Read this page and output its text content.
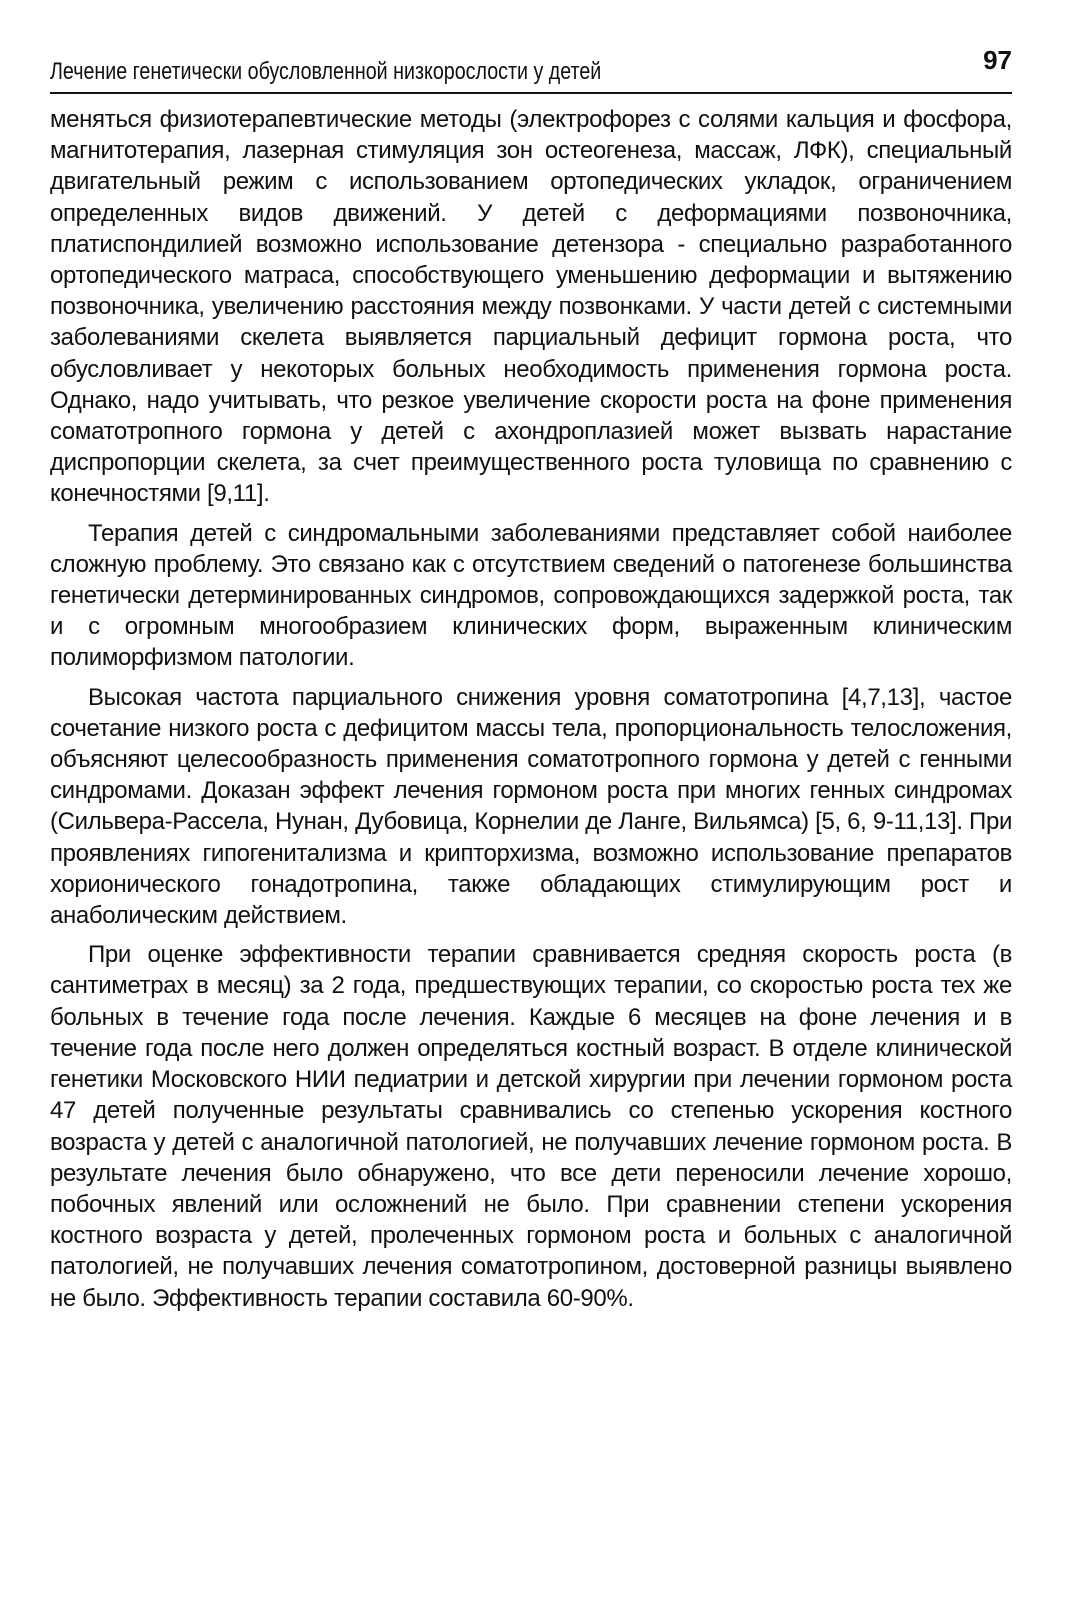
Лечение генетически обусловленной низкорослости у детей	97

меняться физиотерапевтические методы (электрофорез с солями кальция и фосфора, магнитотерапия, лазерная стимуляция зон остеогенеза, массаж, ЛФК), специальный двигательный режим с использованием ортопедических укладок, ограничением определенных видов движений. У детей с деформациями позвоночника, платиспондилией возможно использование детензора - специально разработанного ортопедического матраса, способствующего уменьшению деформации и вытяжению позвоночника, увеличению расстояния между позвонками. У части детей с системными заболеваниями скелета выявляется парциальный дефицит гормона роста, что обусловливает у некоторых больных необходимость применения гормона роста. Однако, надо учитывать, что резкое увеличение скорости роста на фоне применения соматотропного гормона у детей с ахондроплазией может вызвать нарастание диспропорции скелета, за счет преимущественного роста туловища по сравнению с конечностями [9,11].

Терапия детей с синдромальными заболеваниями представляет собой наиболее сложную проблему. Это связано как с отсутствием сведений о патогенезе большинства генетически детерминированных синдромов, сопровождающихся задержкой роста, так и с огромным многообразием клинических форм, выраженным клиническим полиморфизмом патологии.

Высокая частота парциального снижения уровня соматотропина [4,7,13], частое сочетание низкого роста с дефицитом массы тела, пропорциональность телосложения, объясняют целесообразность применения соматотропного гормона у детей с генными синдромами. Доказан эффект лечения гормоном роста при многих генных синдромах (Сильвера-Рассела, Нунан, Дубовица, Корнелии де Ланге, Вильямса) [5, 6, 9-11,13]. При проявлениях гипогенитализма и крипторхизма, возможно использование препаратов хорионического гонадотропина, также обладающих стимулирующим рост и анаболическим действием.

При оценке эффективности терапии сравнивается средняя скорость роста (в сантиметрах в месяц) за 2 года, предшествующих терапии, со скоростью роста тех же больных в течение года после лечения. Каждые 6 месяцев на фоне лечения и в течение года после него должен определяться костный возраст. В отделе клинической генетики Московского НИИ педиатрии и детской хирургии при лечении гормоном роста 47 детей полученные результаты сравнивались со степенью ускорения костного возраста у детей с аналогичной патологией, не получавших лечение гормоном роста. В результате лечения было обнаружено, что все дети переносили лечение хорошо, побочных явлений или осложнений не было. При сравнении степени ускорения костного возраста у детей, пролеченных гормоном роста и больных с аналогичной патологией, не получавших лечения соматотропином, достоверной разницы выявлено не было. Эффективность терапии составила 60-90%.
